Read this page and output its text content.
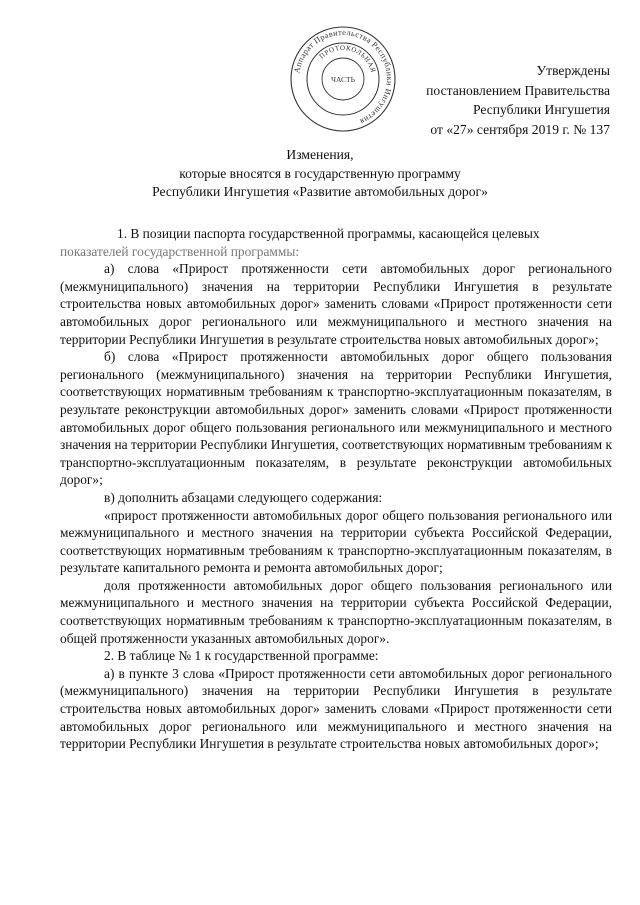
Аппарат Правительства Республики Ингушетия
ПРОТОКОЛЬНАЯ
ЧАСТЬ
Утверждены
постановлением Правительства
Республики Ингушетия
от «27» сентября 2019 г. № 137
Изменения,
которые вносятся в государственную программу
Республики Ингушетия «Развитие автомобильных дорог»

1. В позиции паспорта государственной программы, касающейся целевых
показателей государственной программы:

а) слова «Прирост протяженности сети автомобильных дорог регионального (межмуниципального) значения на территории Республики Ингушетия в результате строительства новых автомобильных дорог» заменить словами «Прирост протяженности сети автомобильных дорог регионального или межмуниципального и местного значения на территории Республики Ингушетия в результате строительства новых автомобильных дорог»;

б) слова «Прирост протяженности автомобильных дорог общего пользования регионального (межмуниципального) значения на территории Республики Ингушетия, соответствующих нормативным требованиям к транспортно-эксплуатационным показателям, в результате реконструкции автомобильных дорог» заменить словами «Прирост протяженности автомобильных дорог общего пользования регионального или межмуниципального и местного значения на территории Республики Ингушетия, соответствующих нормативным требованиям к транспортно-эксплуатационным показателям, в результате реконструкции автомобильных дорог»;

в) дополнить абзацами следующего содержания:

«прирост протяженности автомобильных дорог общего пользования регионального или межмуниципального и местного значения на территории субъекта Российской Федерации, соответствующих нормативным требованиям к транспортно-эксплуатационным показателям, в результате капитального ремонта и ремонта автомобильных дорог;

доля протяженности автомобильных дорог общего пользования регионального или межмуниципального и местного значения на территории субъекта Российской Федерации, соответствующих нормативным требованиям к транспортно-эксплуатационным показателям, в общей протяженности указанных автомобильных дорог».

2. В таблице № 1 к государственной программе:

а) в пункте 3 слова «Прирост протяженности сети автомобильных дорог регионального (межмуниципального) значения на территории Республики Ингушетия в результате строительства новых автомобильных дорог» заменить словами «Прирост протяженности сети автомобильных дорог регионального или межмуниципального и местного значения на территории Республики Ингушетия в результате строительства новых автомобильных дорог»;
